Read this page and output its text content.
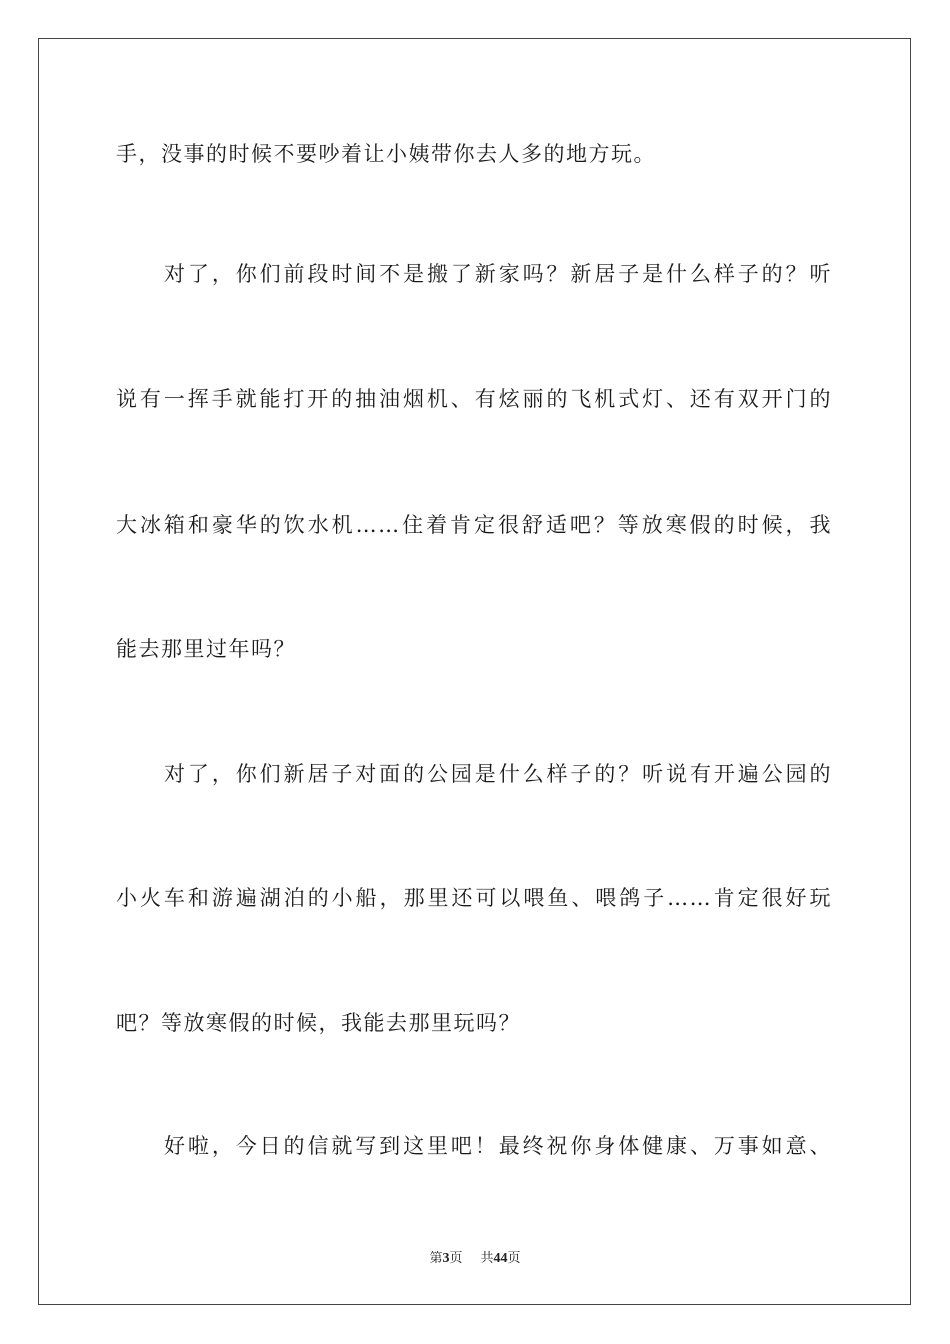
手，没事的时候不要吵着让小姨带你去人多的地方玩。
对了，你们前段时间不是搬了新家吗？新居子是什么样子的？听
说有一挥手就能打开的抽油烟机、有炫丽的飞机式灯、还有双开门的
大冰箱和豪华的饮水机……住着肯定很舒适吧？等放寒假的时候，我
能去那里过年吗？
对了，你们新居子对面的公园是什么样子的？听说有开遍公园的
小火车和游遍湖泊的小船，那里还可以喂鱼、喂鸽子……肯定很好玩
吧？等放寒假的时候，我能去那里玩吗？
好啦，今日的信就写到这里吧！最终祝你身体健康、万事如意、
第3页 共44页
